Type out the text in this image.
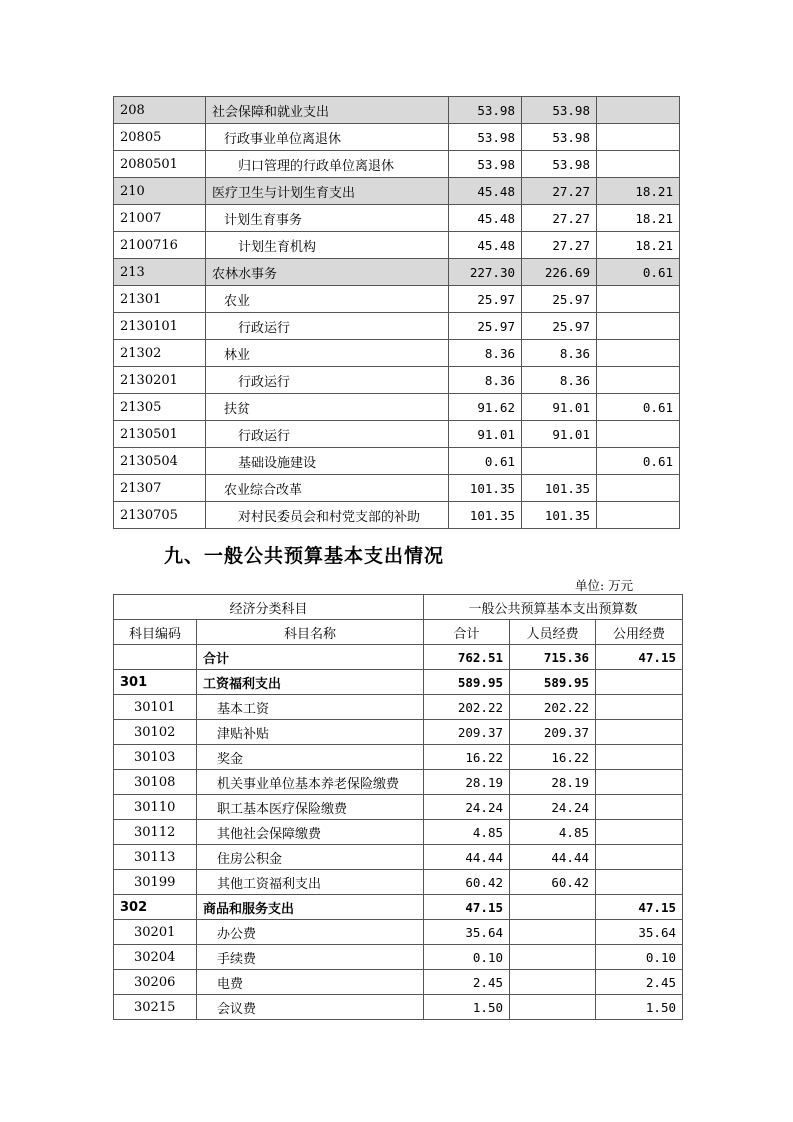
208	社会保障和就业支出	53.98	53.98	
20805	行政事业单位离退休	53.98	53.98	
2080501	归口管理的行政单位离退休	53.98	53.98	
210	医疗卫生与计划生育支出	45.48	27.27	18.21
21007	计划生育事务	45.48	27.27	18.21
2100716	计划生育机构	45.48	27.27	18.21
213	农林水事务	227.30	226.69	0.61
21301	农业	25.97	25.97	
2130101	行政运行	25.97	25.97	
21302	林业	8.36	8.36	
2130201	行政运行	8.36	8.36	
21305	扶贫	91.62	91.01	0.61
2130501	行政运行	91.01	91.01	
2130504	基础设施建设	0.61		0.61
21307	农业综合改革	101.35	101.35	
2130705	对村民委员会和村党支部的补助	101.35	101.35	
九、一般公共预算基本支出情况
单位: 万元
经济分类科目		一般公共预算基本支出预算数		
科目编码	科目名称	合计	人员经费	公用经费
	合计	762.51	715.36	47.15
301	工资福利支出	589.95	589.95	
30101	基本工资	202.22	202.22	
30102	津贴补贴	209.37	209.37	
30103	奖金	16.22	16.22	
30108	机关事业单位基本养老保险缴费	28.19	28.19	
30110	职工基本医疗保险缴费	24.24	24.24	
30112	其他社会保障缴费	4.85	4.85	
30113	住房公积金	44.44	44.44	
30199	其他工资福利支出	60.42	60.42	
302	商品和服务支出	47.15		47.15
30201	办公费	35.64		35.64
30204	手续费	0.10		0.10
30206	电费	2.45		2.45
30215	会议费	1.50		1.50
